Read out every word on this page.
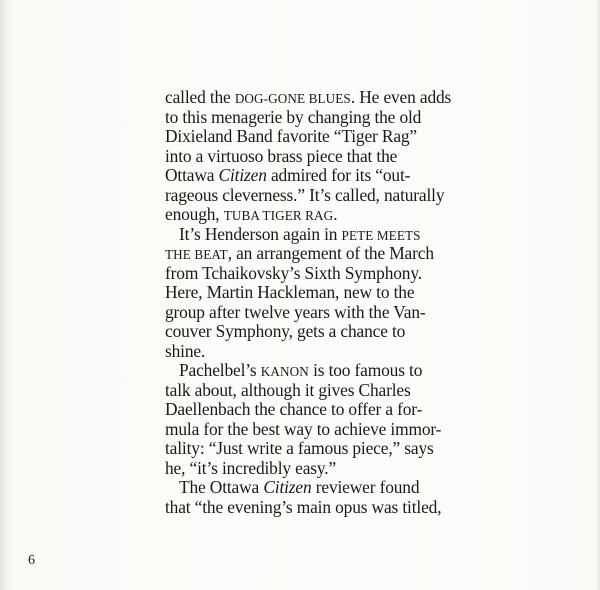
called the DOG-GONE BLUES. He even adds
to this menagerie by changing the old
Dixieland Band favorite “Tiger Rag”
into a virtuoso brass piece that the
Ottawa Citizen admired for its “out-
rageous cleverness.” It’s called, naturally
enough, TUBA TIGER RAG.
It’s Henderson again in PETE MEETS
THE BEAT, an arrangement of the March
from Tchaikovsky’s Sixth Symphony.
Here, Martin Hackleman, new to the
group after twelve years with the Van-
couver Symphony, gets a chance to
shine.
Pachelbel’s KANON is too famous to
talk about, although it gives Charles
Daellenbach the chance to offer a for-
mula for the best way to achieve immor-
tality: “Just write a famous piece,” says
he, “it’s incredibly easy.”
The Ottawa Citizen reviewer found
that “the evening’s main opus was titled,
6
